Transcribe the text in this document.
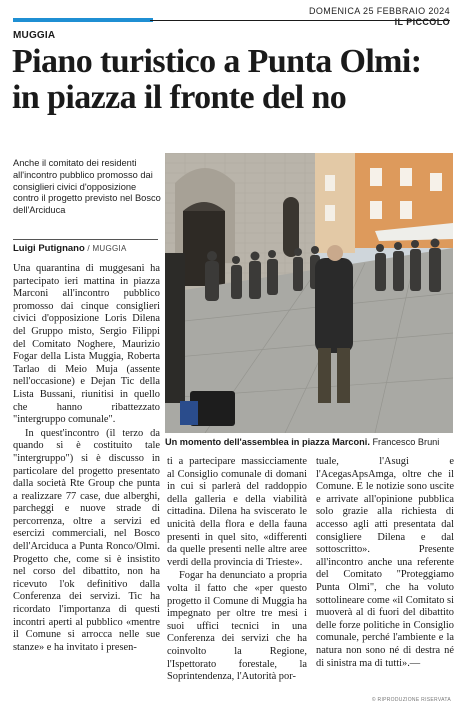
DOMENICA 25 FEBBRAIO 2024
IL PICCOLO
MUGGIA
Piano turistico a Punta Olmi:
in piazza il fronte del no
Anche il comitato dei residenti all'incontro pubblico promosso dai consiglieri civici d'opposizione contro il progetto previsto nel Bosco dell'Arciduca
Luigi Putignano / MUGGIA

Una quarantina di muggesani ha partecipato ieri mattina in piazza Marconi all'incontro pubblico promosso dai cinque consiglieri civici d'opposizione Loris Dilena del Gruppo misto, Sergio Filippi del Comitato Noghere, Maurizio Fogar della Lista Muggia, Roberta Tarlao di Meio Muja (assente nell'occasione) e Dejan Tic della Lista Bussani, riunitisi in quello che hanno ribattezzato "intergruppo comunale".

In quest'incontro (il terzo da quando si è costituito tale "intergruppo") si è discusso in particolare del progetto presentato dalla società Rte Group che punta a realizzare 77 case, due alberghi, parcheggi e nuove strade di percorrenza, oltre a servizi ed esercizi commerciali, nel Bosco dell'Arciduca a Punta Ronco/Olmi. Progetto che, come si è insistito nel corso del dibattito, non ha ricevuto l'ok definitivo dalla Conferenza dei servizi. Tic ha ricordato l'importanza di questi incontri aperti al pubblico «mentre il Comune si arrocca nelle sue stanze» e ha invitato i presen-

Un momento dell'assemblea in piazza Marconi. Francesco Bruni

ti a partecipare massicciamente al Consiglio comunale di domani in cui si parlerà del raddoppio della galleria e della viabilità cittadina. Dilena ha sviscerato le unicità della flora e della fauna presenti in quel sito, «differenti da quelle presenti nelle altre aree verdi della provincia di Trieste».

Fogar ha denunciato a propria volta il fatto che «per questo progetto il Comune di Muggia ha impegnato per oltre tre mesi i suoi uffici tecnici in una Conferenza dei servizi che ha coinvolto la Regione, l'Ispettorato forestale, la Soprintendenza, l'Autorità por-

tuale, l'Asugi e l'AcegasApsAmga, oltre che il Comune. E le notizie sono uscite e arrivate all'opinione pubblica solo grazie alla richiesta di accesso agli atti presentata dal consigliere Dilena e dal sottoscritto». Presente all'incontro anche una referente del Comitato "Proteggiamo Punta Olmi", che ha voluto sottolineare come «il Comitato si muoverà al di fuori del dibattito delle forze politiche in Consiglio comunale, perché l'ambiente e la natura non sono né di destra né di sinistra ma di tutti».—

© RIPRODUZIONE RISERVATA
